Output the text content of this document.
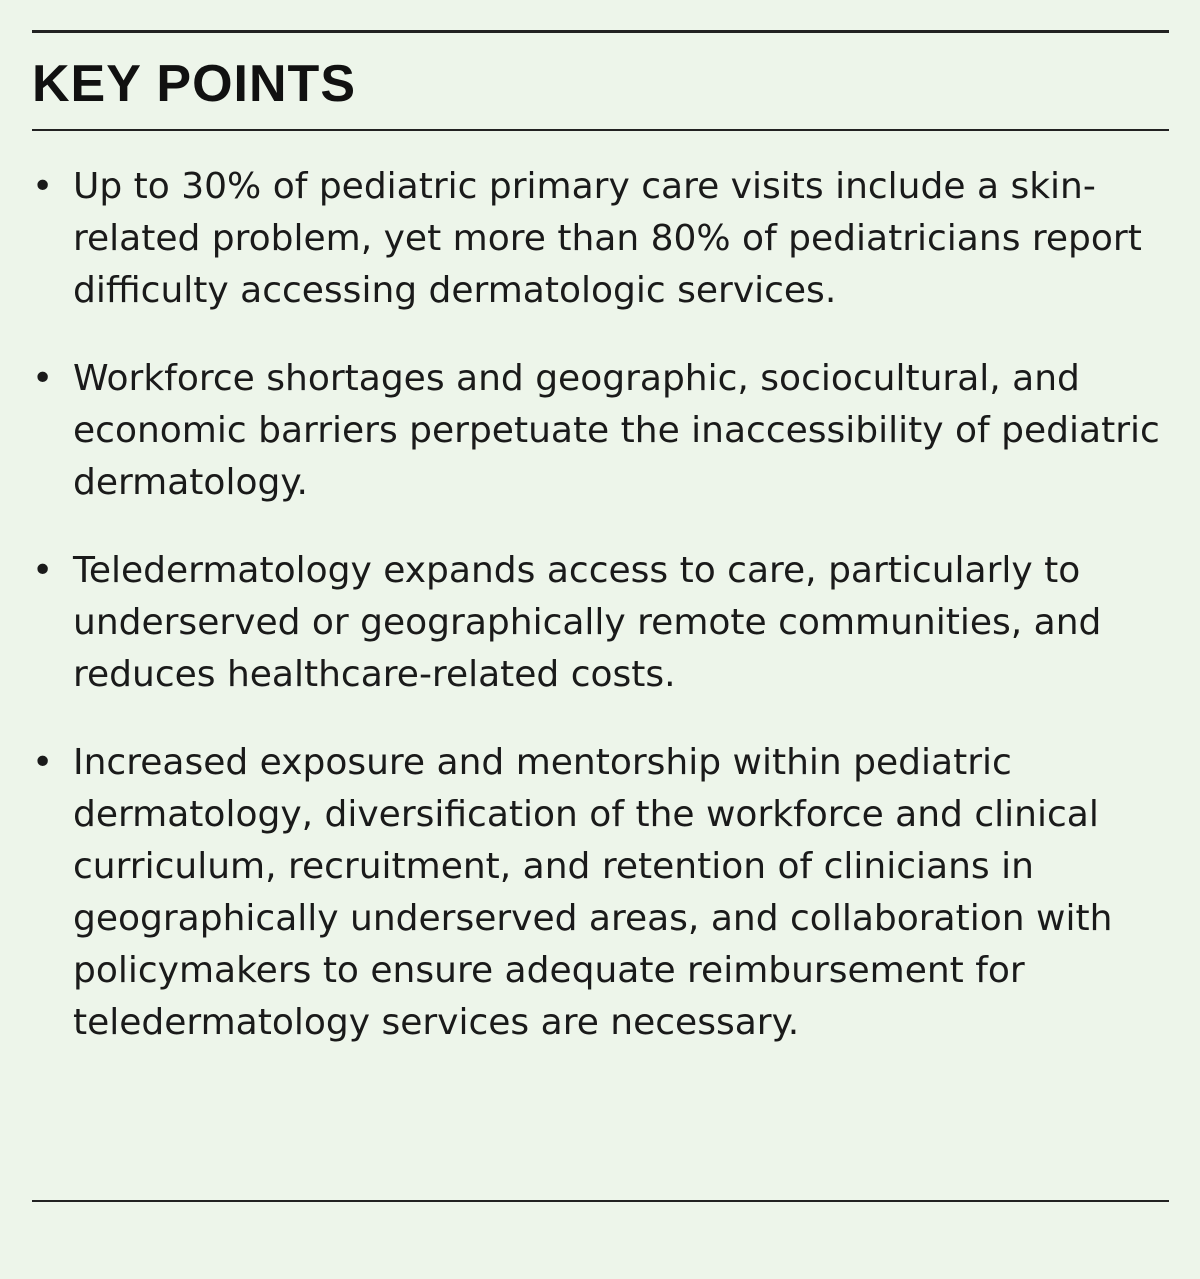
KEY POINTS
• Up to 30% of pediatric primary care visits include a skin-related problem, yet more than 80% of pediatricians report difficulty accessing dermatologic services.
• Workforce shortages and geographic, sociocultural, and economic barriers perpetuate the inaccessibility of pediatric dermatology.
• Teledermatology expands access to care, particularly to underserved or geographically remote communities, and reduces healthcare-related costs.
• Increased exposure and mentorship within pediatric dermatology, diversification of the workforce and clinical curriculum, recruitment, and retention of clinicians in geographically underserved areas, and collaboration with policymakers to ensure adequate reimbursement for teledermatology services are necessary.
